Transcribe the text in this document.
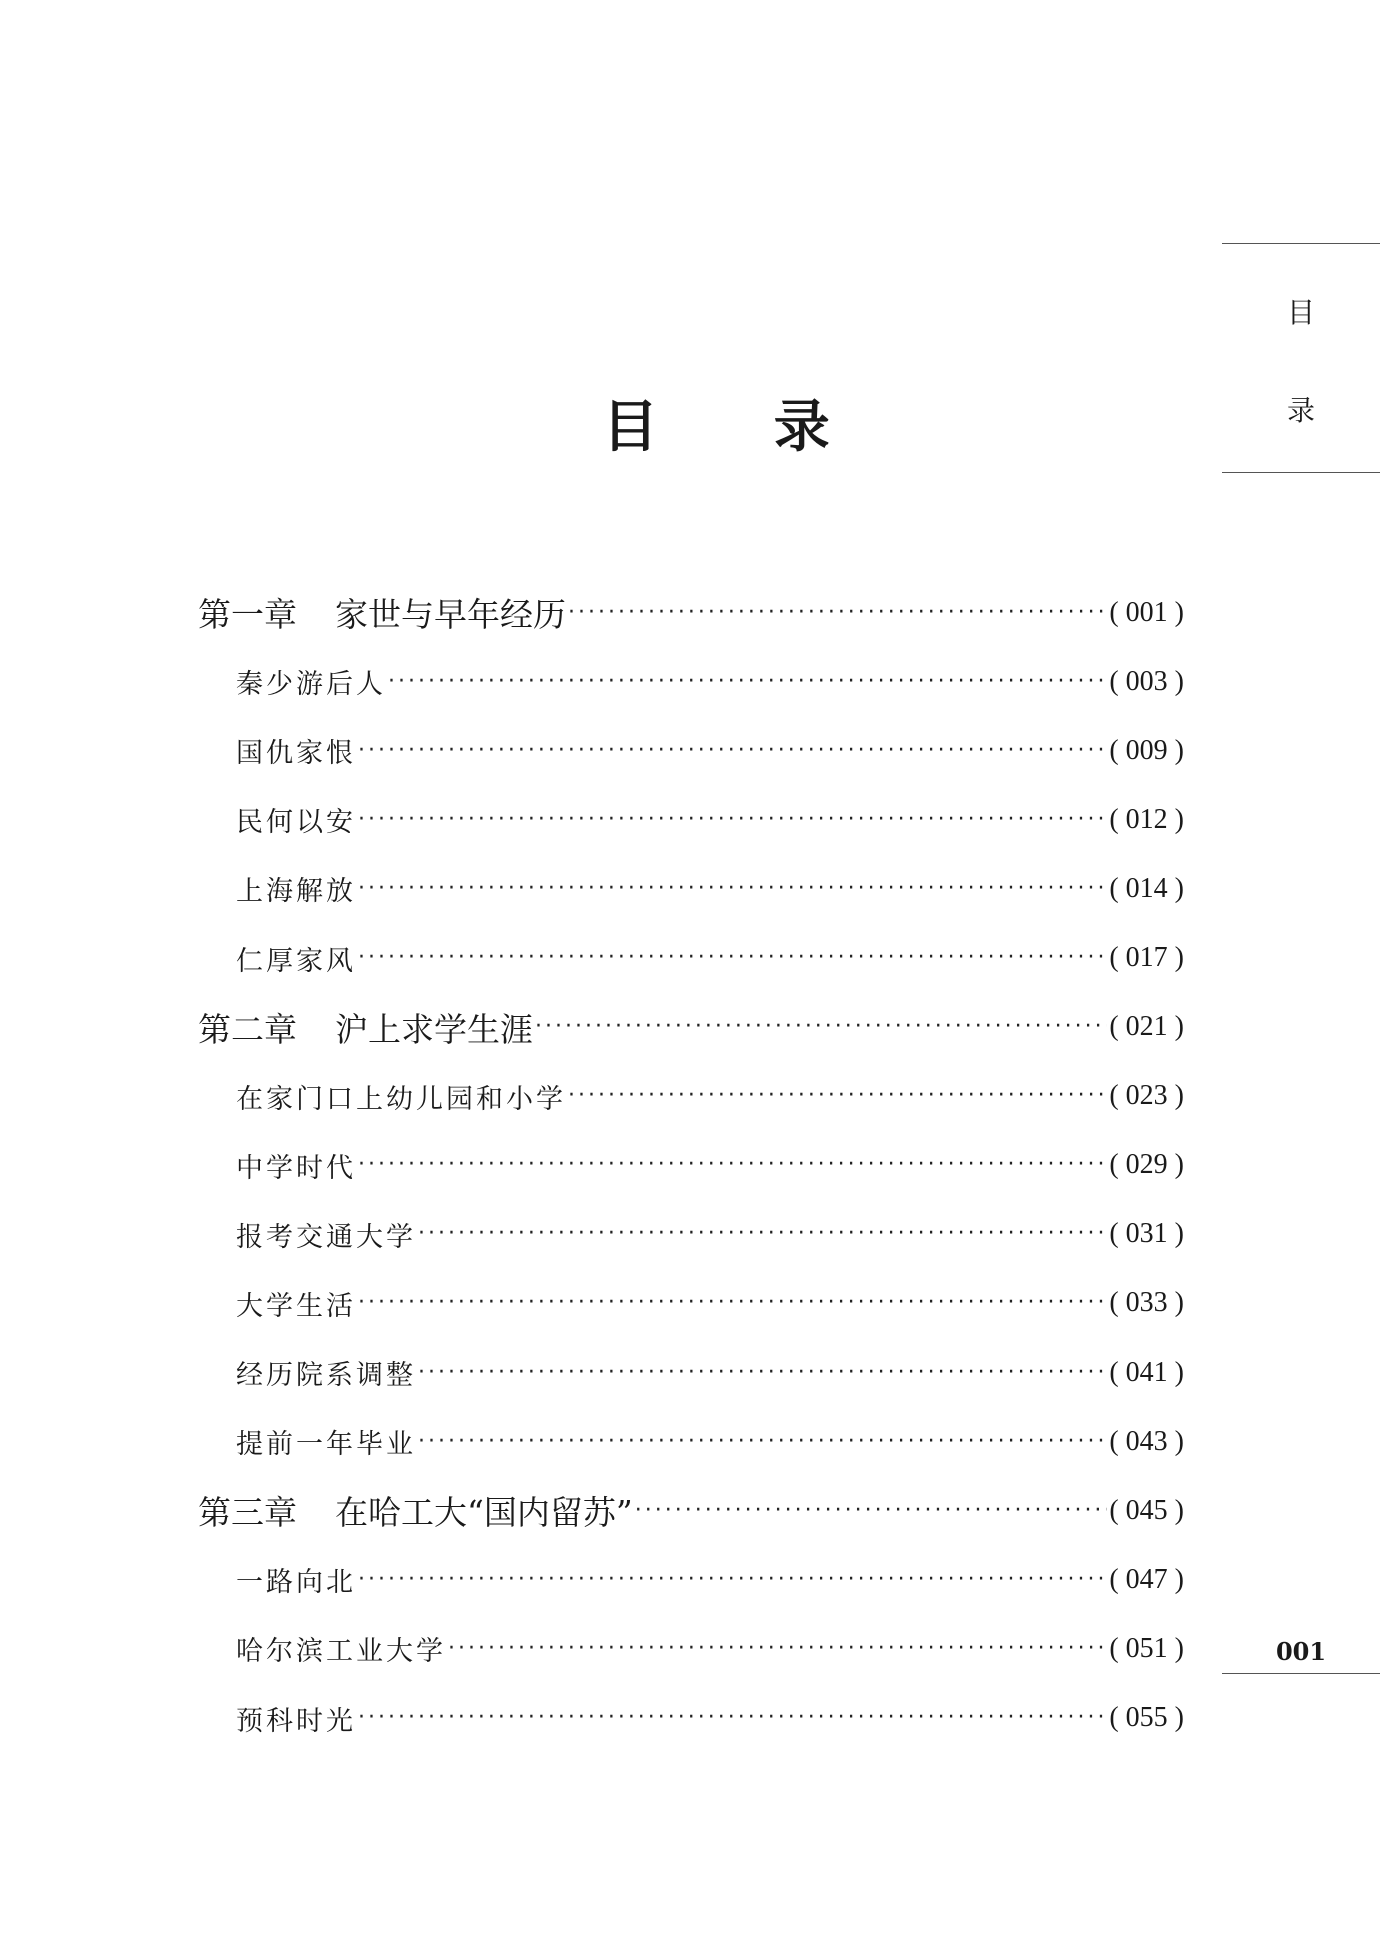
目 录
目
录
001
第一章 家世与早年经历 ·····	( 001 )
秦少游后人 ·····	( 003 )
国仇家恨 ·····	( 009 )
民何以安 ·····	( 012 )
上海解放 ·····	( 014 )
仁厚家风 ·····	( 017 )
第二章 沪上求学生涯 ·····	( 021 )
在家门口上幼儿园和小学 ·····	( 023 )
中学时代 ·····	( 029 )
报考交通大学 ·····	( 031 )
大学生活 ·····	( 033 )
经历院系调整 ·····	( 041 )
提前一年毕业 ·····	( 043 )
第三章 在哈工大“国内留苏” ·····	( 045 )
一路向北 ·····	( 047 )
哈尔滨工业大学 ·····	( 051 )
预科时光 ·····	( 055 )
